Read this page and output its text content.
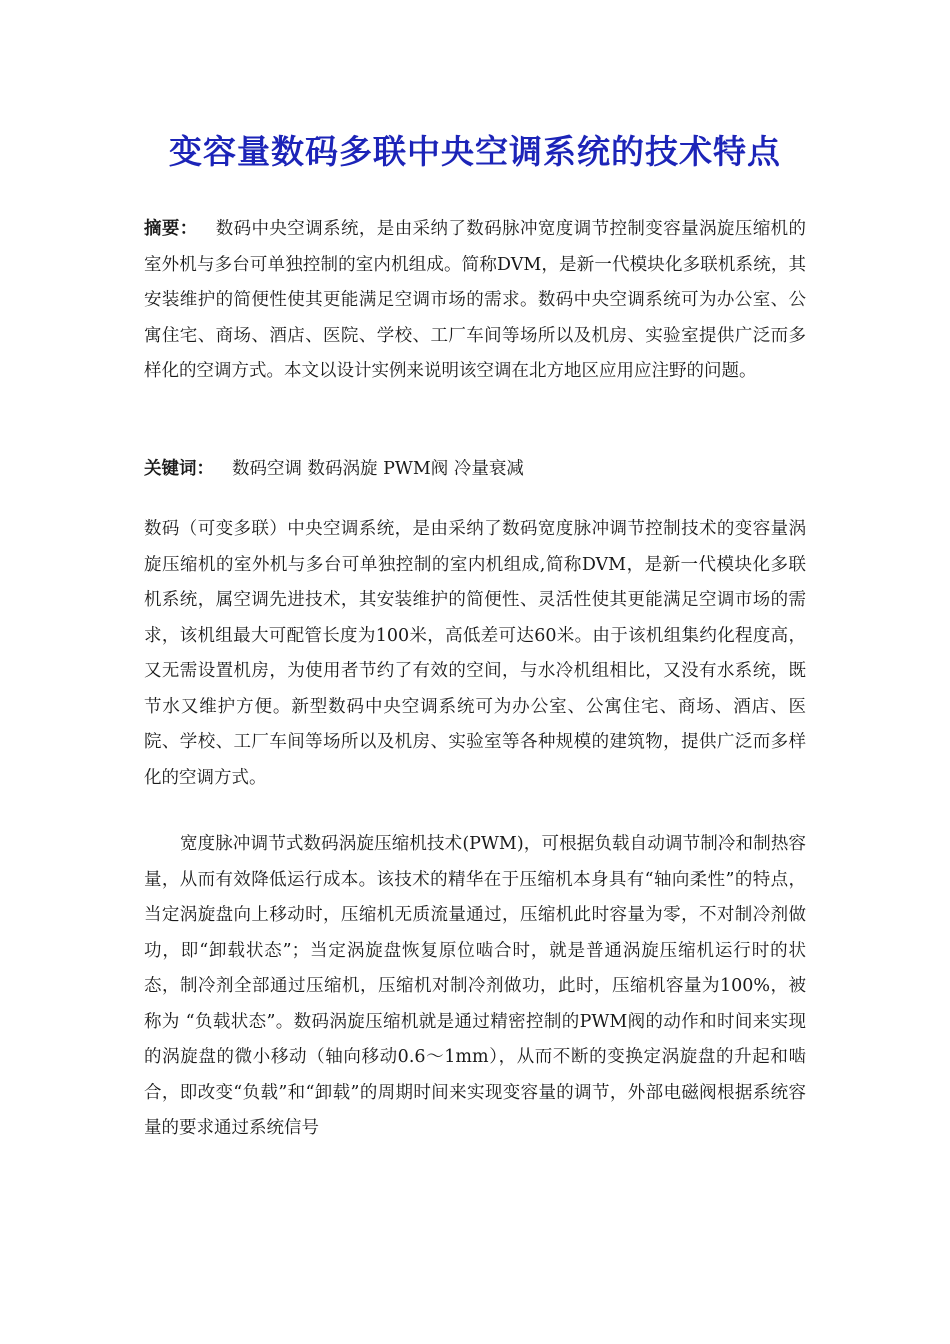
变容量数码多联中央空调系统的技术特点
摘要： 数码中央空调系统，是由采纳了数码脉冲宽度调节控制变容量涡旋压缩机的室外机与多台可单独控制的室内机组成。简称DVM，是新一代模块化多联机系统，其安装维护的简便性使其更能满足空调市场的需求。数码中央空调系统可为办公室、公寓住宅、商场、酒店、医院、学校、工厂车间等场所以及机房、实验室提供广泛而多样化的空调方式。本文以设计实例来说明该空调在北方地区应用应注野的问题。
关键词： 数码空调 数码涡旋 PWM阀 冷量衰减
数码（可变多联）中央空调系统，是由采纳了数码宽度脉冲调节控制技术的变容量涡旋压缩机的室外机与多台可单独控制的室内机组成,简称DVM，是新一代模块化多联机系统，属空调先进技术，其安装维护的简便性、灵活性使其更能满足空调市场的需求，该机组最大可配管长度为100米，高低差可达60米。由于该机组集约化程度高，又无需设置机房，为使用者节约了有效的空间，与水冷机组相比，又没有水系统，既节水又维护方便。新型数码中央空调系统可为办公室、公寓住宅、商场、酒店、医院、学校、工厂车间等场所以及机房、实验室等各种规模的建筑物，提供广泛而多样化的空调方式。
宽度脉冲调节式数码涡旋压缩机技术(PWM)，可根据负载自动调节制冷和制热容量，从而有效降低运行成本。该技术的精华在于压缩机本身具有“轴向柔性”的特点，当定涡旋盘向上移动时，压缩机无质流量通过，压缩机此时容量为零，不对制冷剂做功，即“卸载状态”；当定涡旋盘恢复原位啮合时，就是普通涡旋压缩机运行时的状态，制冷剂全部通过压缩机，压缩机对制冷剂做功，此时，压缩机容量为100%，被称为 “负载状态”。数码涡旋压缩机就是通过精密控制的PWM阀的动作和时间来实现的涡旋盘的微小移动（轴向移动0.6～1mm），从而不断的变换定涡旋盘的升起和啮合，即改变“负载”和“卸载”的周期时间来实现变容量的调节，外部电磁阀根据系统容量的要求通过系统信号
